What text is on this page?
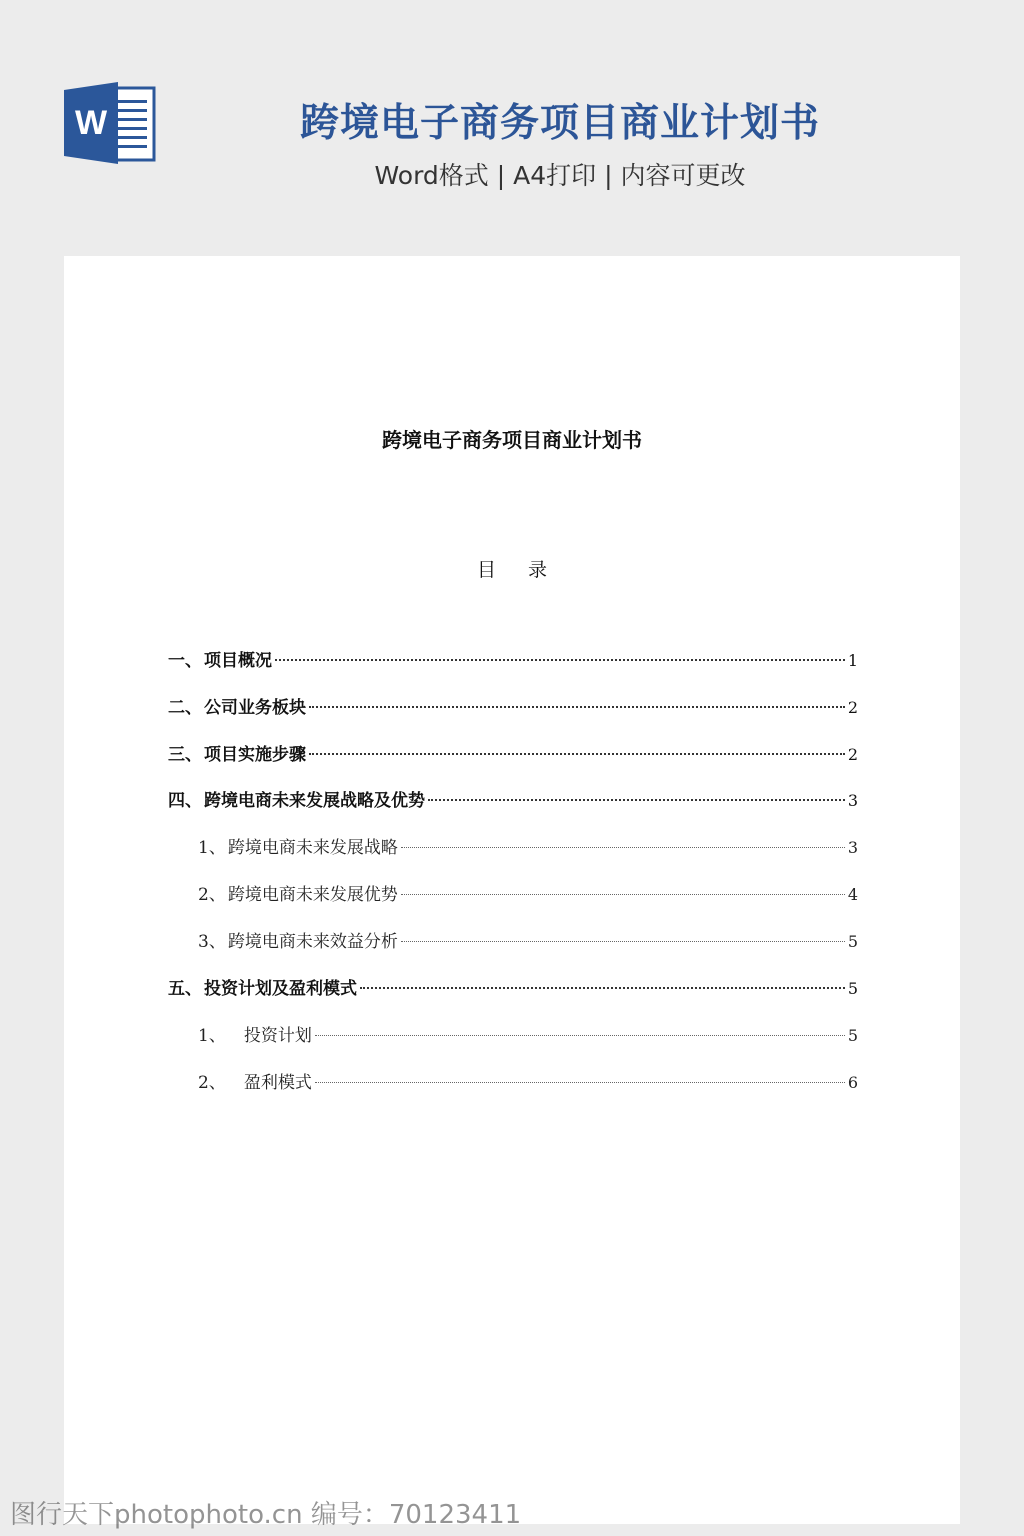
W	跨境电子商务项目商业计划书
Word格式 | A4打印 | 内容可更改
跨境电子商务项目商业计划书
目录
一、 项目概况	1
二、 公司业务板块	2
三、 项目实施步骤	2
四、 跨境电商未来发展战略及优势	3
1、 跨境电商未来发展战略	3
2、 跨境电商未来发展优势	4
3、 跨境电商未来效益分析	5
五、 投资计划及盈利模式	5
1、 投资计划	5
2、 盈利模式	6
图行天下photophoto.cn 编号：70123411
